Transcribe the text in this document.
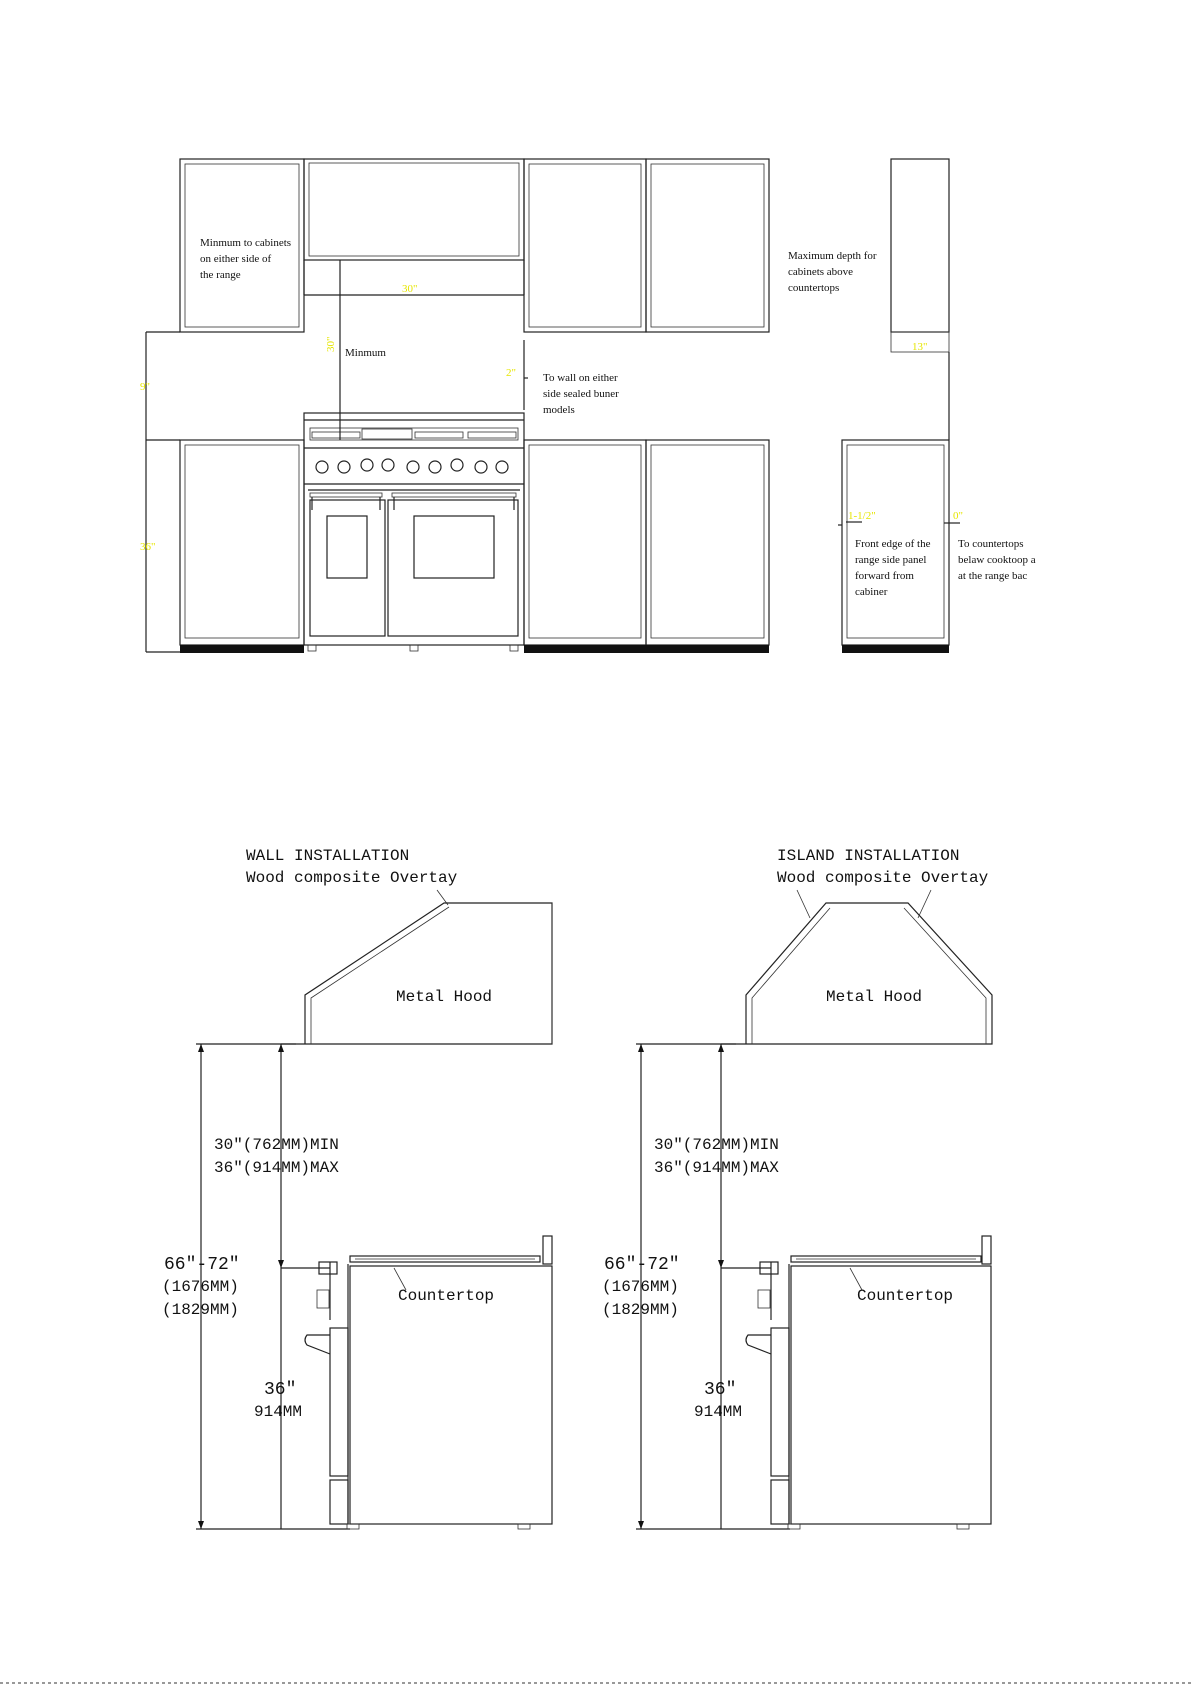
9"
36"
30"
30"
Minmum
2" To wall on either
side sealed buner
models
Minmum to cabinets
on either side of
the range
Maximum depth for
cabinets above
countertops
13"
1-1/2"
Front edge of the
range side panel
forward from
cabiner
0"
To countertops
belaw cooktoop a
at the range bac
WALL INSTALLATION
Wood composite Overtay
Metal Hood
30″(762MM)MIN
36″(914MM)MAX
66″-72″
(1676MM)
(1829MM)
36″
914MM
Countertop
ISLAND INSTALLATION
Wood composite Overtay
Metal Hood
30″(762MM)MIN
36″(914MM)MAX
66″-72″
(1676MM)
(1829MM)
36″
914MM
Countertop
